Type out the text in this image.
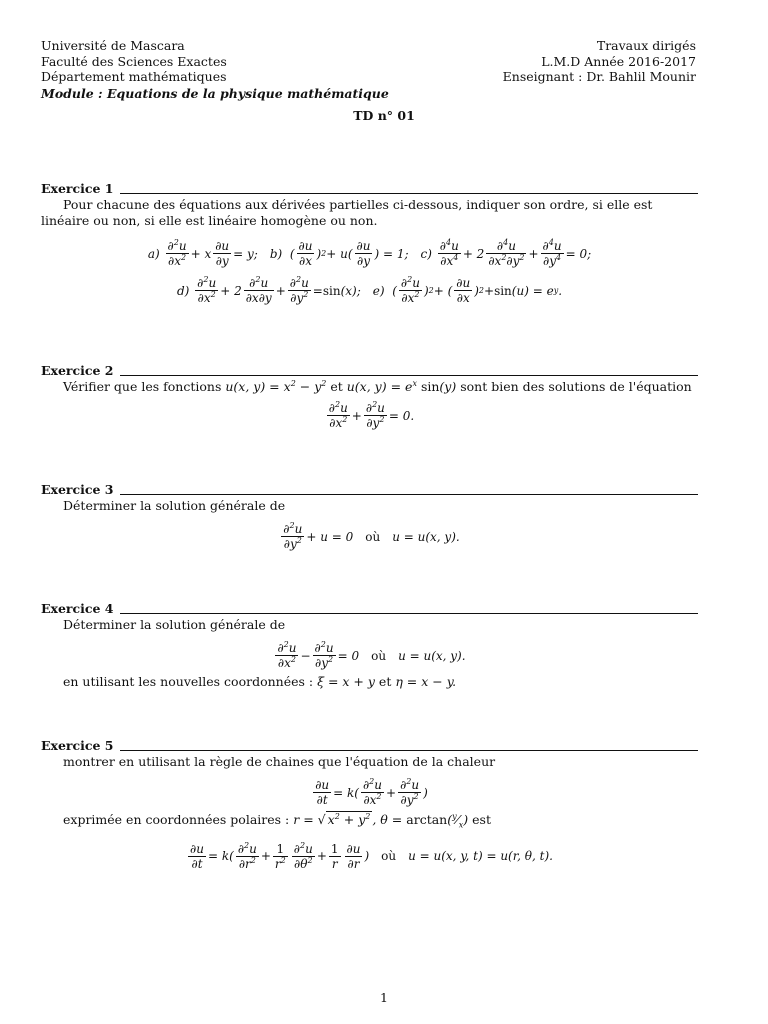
Université de Mascara
Faculté des Sciences Exactes
Département mathématiques
Travaux dirigés
L.M.D Année 2016-2017
Enseignant : Dr. Bahlil Mounir
Module : Equations de la physique mathématique
TD n° 01
Exercice 1
Pour chacune des équations aux dérivées partielles ci-dessous, indiquer son ordre, si elle est linéaire ou non, si elle est linéaire homogène ou non.
a)

∂$^2$u
$\partial x^2 + x$
∂u
∂y
= y; b) (
∂u
∂x
) 2 + u(
∂u
∂y
) = 1; c)

∂$^4$u
$\partial x^4 + 2$
∂$^4$u
$\partial x^2\partial y^2$ +
∂$^4$u
$\partial y^4 = 0$;
d)

∂$^2$u
$\partial x^2 + 2$
∂$^2$u
∂x∂y
+
∂$^2$u
$\partial y^2 = \sin (x)$; e) (
∂$^2$u
$\partial x^2$ ) 2 + (
∂u
∂x
) 2 + sin (u) = e y .
Exercice 2
Vérifier que les fonctions u(x, $y) = x^2 - y^2$ et u(x, $y) = e^x$ sin(y) sont bien des solutions de l'équation
∂$^2$u
$\partial x^2$ +
∂$^2$u
$\partial y^2 = 0$.
Exercice 3
Déterminer la solution générale de
∂$^2$u
$\partial y^2 + u = 0$ où u = u(x, y).
Exercice 4
Déterminer la solution générale de
∂$^2$u
$\partial x^2$ −
∂$^2$u
$\partial y^2 = 0$ où u = u(x, y).
en utilisant les nouvelles coordonnées : ξ = x + y et η = x − y.
Exercice 5
montrer en utilisant la règle de chaines que l'équation de la chaleur
∂u
∂t
= k(
∂$^2$u
$\partial x^2$ +
∂$^2$u
$\partial y^2$ )
exprimée en coordonnées polaires : r = √ $x^2 + y^2$ , $\theta = \arctan(^y⁄_x)$ est
∂u
∂t
= k(
∂$^2$u
$\partial r^2$ +
1
$r^2$
∂$^2$u
$\partial\theta^2$ +
1
r
∂u
∂r
) où u = u(x, y, t) = u(r, θ, t).
1
